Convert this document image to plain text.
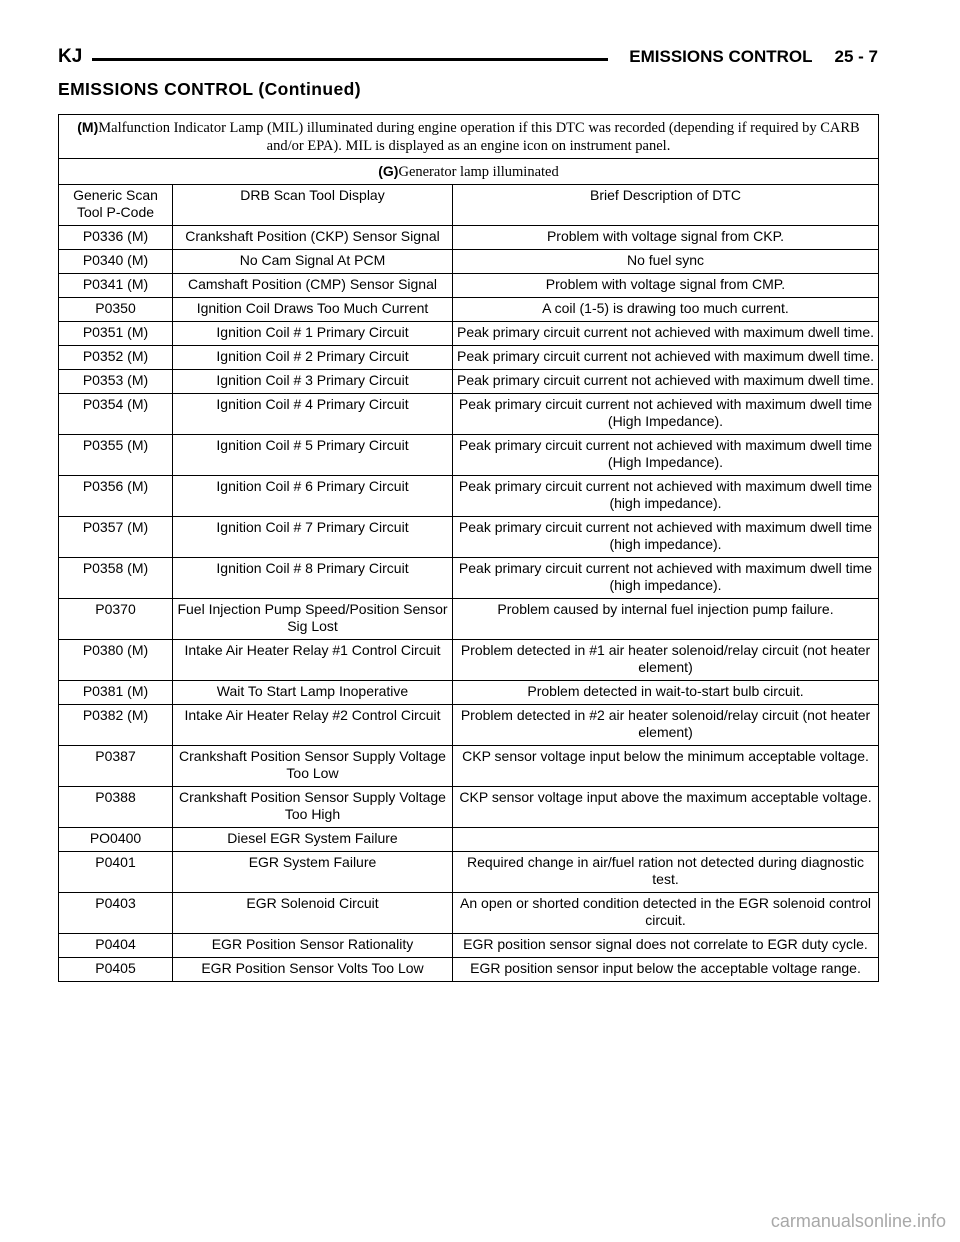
KJ	EMISSIONS CONTROL 25 - 7
EMISSIONS CONTROL (Continued)
(M)Malfunction Indicator Lamp (MIL) illuminated during engine operation if this DTC was recorded (depending if required by CARB and/or EPA). MIL is displayed as an engine icon on instrument panel.		
(G)Generator lamp illuminated		
Generic Scan Tool P-Code	DRB Scan Tool Display	Brief Description of DTC
P0336 (M)	Crankshaft Position (CKP) Sensor Signal	Problem with voltage signal from CKP.
P0340 (M)	No Cam Signal At PCM	No fuel sync
P0341 (M)	Camshaft Position (CMP) Sensor Signal	Problem with voltage signal from CMP.
P0350	Ignition Coil Draws Too Much Current	A coil (1-5) is drawing too much current.
P0351 (M)	Ignition Coil # 1 Primary Circuit	Peak primary circuit current not achieved with maximum dwell time.
P0352 (M)	Ignition Coil # 2 Primary Circuit	Peak primary circuit current not achieved with maximum dwell time.
P0353 (M)	Ignition Coil # 3 Primary Circuit	Peak primary circuit current not achieved with maximum dwell time.
P0354 (M)	Ignition Coil # 4 Primary Circuit	Peak primary circuit current not achieved with maximum dwell time (High Impedance).
P0355 (M)	Ignition Coil # 5 Primary Circuit	Peak primary circuit current not achieved with maximum dwell time (High Impedance).
P0356 (M)	Ignition Coil # 6 Primary Circuit	Peak primary circuit current not achieved with maximum dwell time (high impedance).
P0357 (M)	Ignition Coil # 7 Primary Circuit	Peak primary circuit current not achieved with maximum dwell time (high impedance).
P0358 (M)	Ignition Coil # 8 Primary Circuit	Peak primary circuit current not achieved with maximum dwell time (high impedance).
P0370	Fuel Injection Pump Speed/Position Sensor Sig Lost	Problem caused by internal fuel injection pump failure.
P0380 (M)	Intake Air Heater Relay #1 Control Circuit	Problem detected in #1 air heater solenoid/relay circuit (not heater element)
P0381 (M)	Wait To Start Lamp Inoperative	Problem detected in wait-to-start bulb circuit.
P0382 (M)	Intake Air Heater Relay #2 Control Circuit	Problem detected in #2 air heater solenoid/relay circuit (not heater element)
P0387	Crankshaft Position Sensor Supply Voltage Too Low	CKP sensor voltage input below the minimum acceptable voltage.
P0388	Crankshaft Position Sensor Supply Voltage Too High	CKP sensor voltage input above the maximum acceptable voltage.
PO0400	Diesel EGR System Failure	
P0401	EGR System Failure	Required change in air/fuel ration not detected during diagnostic test.
P0403	EGR Solenoid Circuit	An open or shorted condition detected in the EGR solenoid control circuit.
P0404	EGR Position Sensor Rationality	EGR position sensor signal does not correlate to EGR duty cycle.
P0405	EGR Position Sensor Volts Too Low	EGR position sensor input below the acceptable voltage range.
carmanualsonline.info
